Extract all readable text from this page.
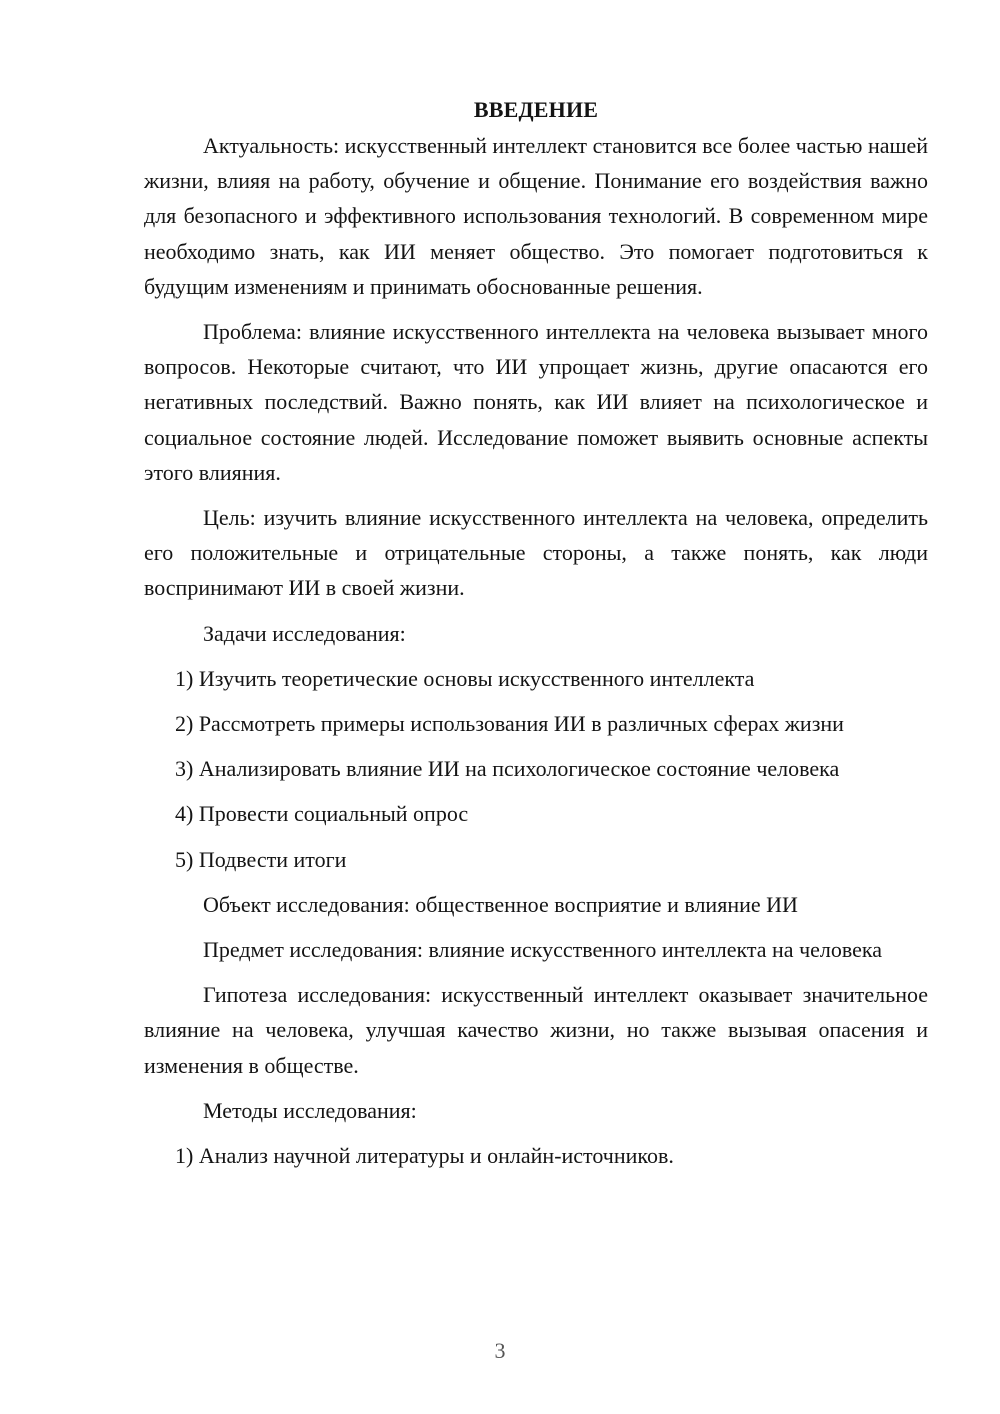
ВВЕДЕНИЕ

Актуальность: искусственный интеллект становится все более частью нашей жизни, влияя на работу, обучение и общение. Понимание его воздействия важно для безопасного и эффективного использования технологий. В современном мире необходимо знать, как ИИ меняет общество. Это помогает подготовиться к будущим изменениям и принимать обоснованные решения.

Проблема: влияние искусственного интеллекта на человека вызывает много вопросов. Некоторые считают, что ИИ упрощает жизнь, другие опасаются его негативных последствий. Важно понять, как ИИ влияет на психологическое и социальное состояние людей. Исследование поможет выявить основные аспекты этого влияния.

Цель: изучить влияние искусственного интеллекта на человека, определить его положительные и отрицательные стороны, а также понять, как люди воспринимают ИИ в своей жизни.

Задачи исследования:

1) Изучить теоретические основы искусственного интеллекта

2) Рассмотреть примеры использования ИИ в различных сферах жизни

3) Анализировать влияние ИИ на психологическое состояние человека

4) Провести социальный опрос

5) Подвести итоги

Объект исследования: общественное восприятие и влияние ИИ

Предмет исследования: влияние искусственного интеллекта на человека

Гипотеза исследования: искусственный интеллект оказывает значительное влияние на человека, улучшая качество жизни, но также вызывая опасения и изменения в обществе.

Методы исследования:

1) Анализ научной литературы и онлайн-источников.

3
